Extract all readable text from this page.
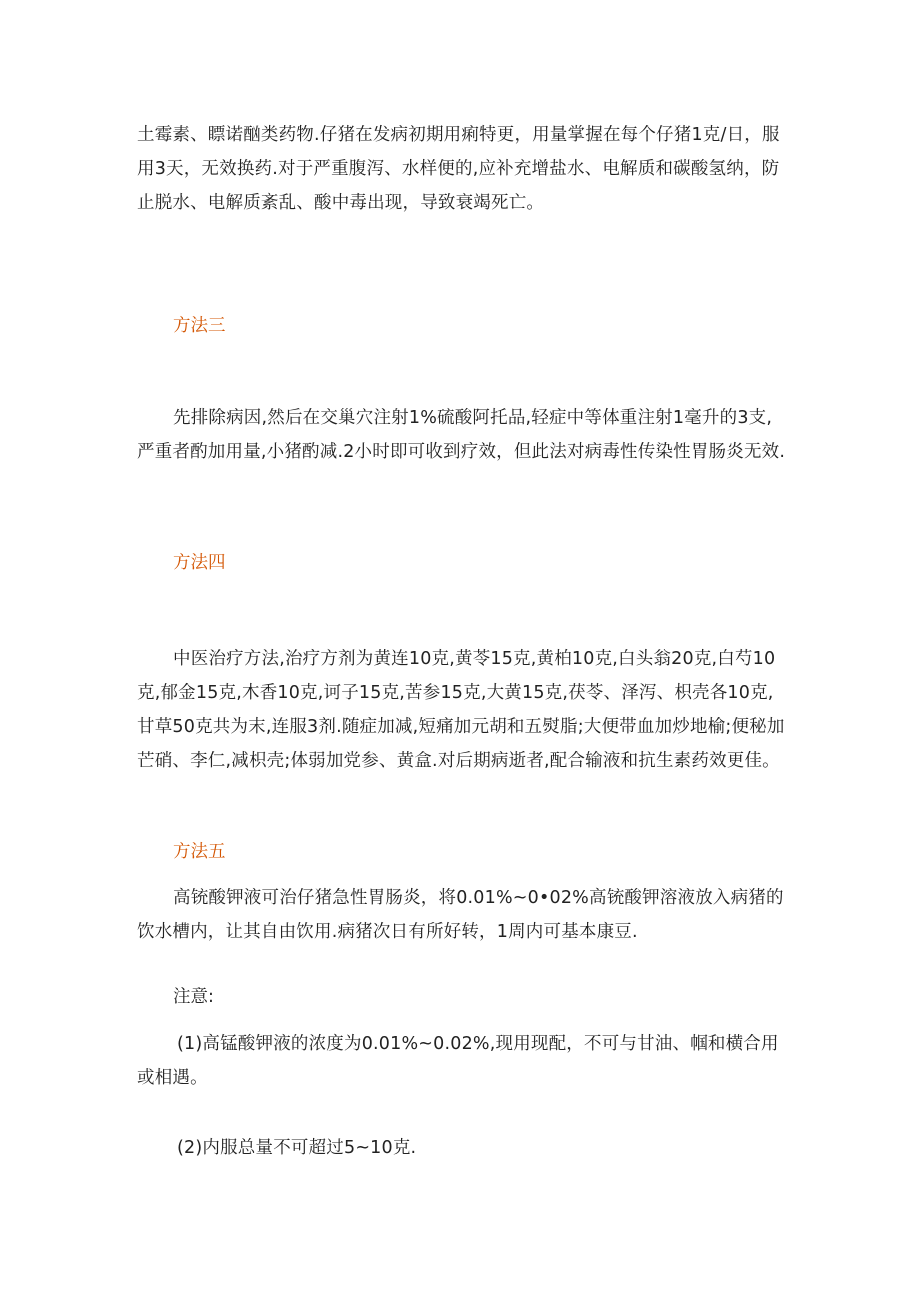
土霉素、瞟诺酗类药物.仔猪在发病初期用痢特更，用量掌握在每个仔猪1克/日，服用3天，无效换药.对于严重腹泻、水样便的,应补充增盐水、电解质和碳酸氢纳，防止脱水、电解质紊乱、酸中毒出现，导致衰竭死亡。

方法三

先排除病因,然后在交巢穴注射1%硫酸阿托品,轻症中等体重注射1毫升的3支,严重者酌加用量,小猪酌减.2小时即可收到疗效，但此法对病毒性传染性胃肠炎无效.

方法四

中医治疗方法,治疗方剂为黄连10克,黄苓15克,黄柏10克,白头翁20克,白芍10克,郁金15克,木香10克,诃子15克,苦参15克,大黄15克,茯苓、泽泻、枳壳各10克,甘草50克共为末,连服3剂.随症加减,短痛加元胡和五熨脂;大便带血加炒地榆;便秘加芒硝、李仁,减枳壳;体弱加党参、黄盒.对后期病逝者,配合输液和抗生素药效更佳。

方法五

高铳酸钾液可治仔猪急性胃肠炎，将0.01%~0•02%高铳酸钾溶液放入病猪的饮水槽内，让其自由饮用.病猪次日有所好转，1周内可基本康豆.

注意:

(1)高锰酸钾液的浓度为0.01%~0.02%,现用现配，不可与甘油、帼和横合用或相遇。

(2)内服总量不可超过5~10克.
